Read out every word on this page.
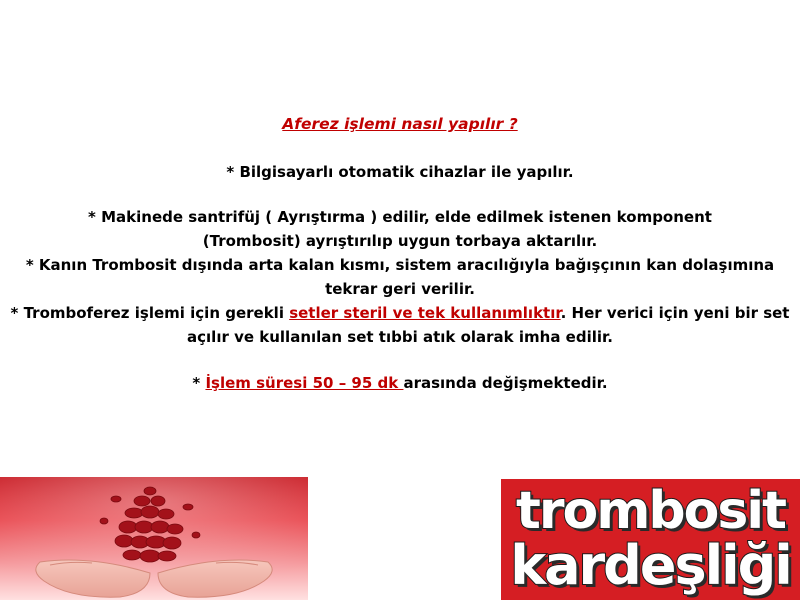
Aferez işlemi nasıl yapılır ?

* Bilgisayarlı otomatik cihazlar ile yapılır.

* Makinede santrifüj ( Ayrıştırma ) edilir, elde edilmek istenen komponent
(Trombosit) ayrıştırılıp uygun torbaya aktarılır.

* Kanın Trombosit dışında arta kalan kısmı, sistem aracılığıyla bağışçının kan dolaşımına
tekrar geri verilir.

* Tromboferez işlemi için gerekli setler steril ve tek kullanımlıktır. Her verici için yeni bir set
açılır ve kullanılan set tıbbi atık olarak imha edilir.

* İşlem süresi 50 – 95 dk arasında değişmektedir.

trombosit
kardeşliği
